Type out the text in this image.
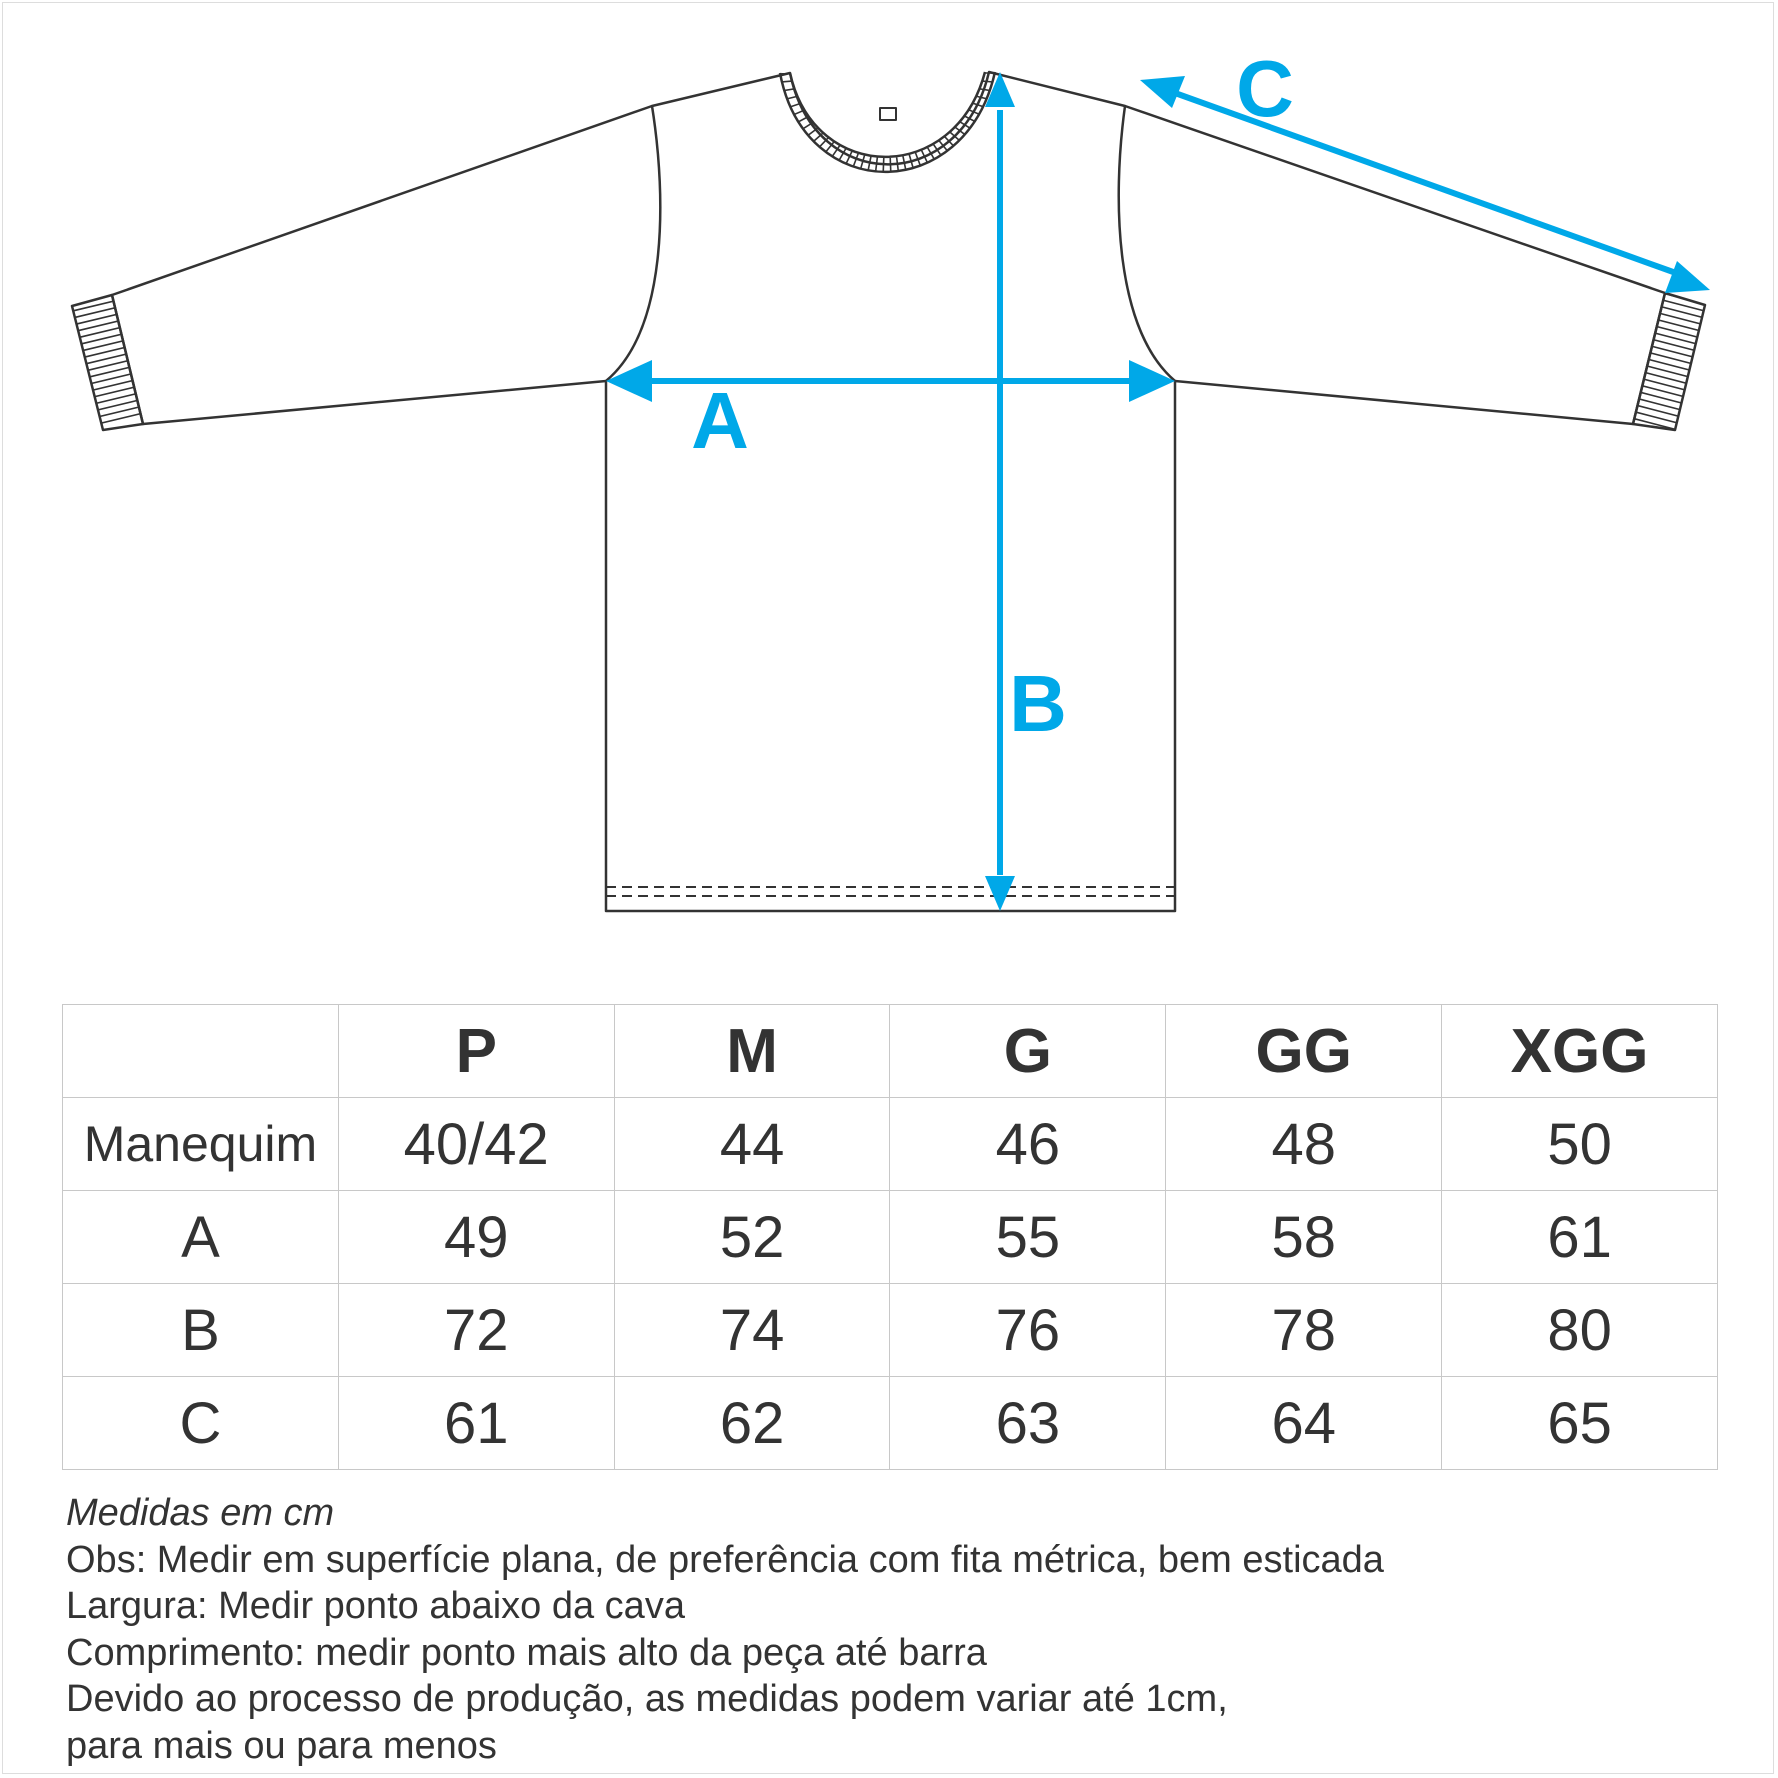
A
B
C
	P	M	G	GG	XGG
Manequim	40/42	44	46	48	50
A	49	52	55	58	61
B	72	74	76	78	80
C	61	62	63	64	65
Medidas em cm
Obs: Medir em superfície plana, de preferência com fita métrica, bem esticada
Largura: Medir ponto abaixo da cava
Comprimento: medir ponto mais alto da peça até barra
Devido ao processo de produção, as medidas podem variar até 1cm,
para mais ou para menos
